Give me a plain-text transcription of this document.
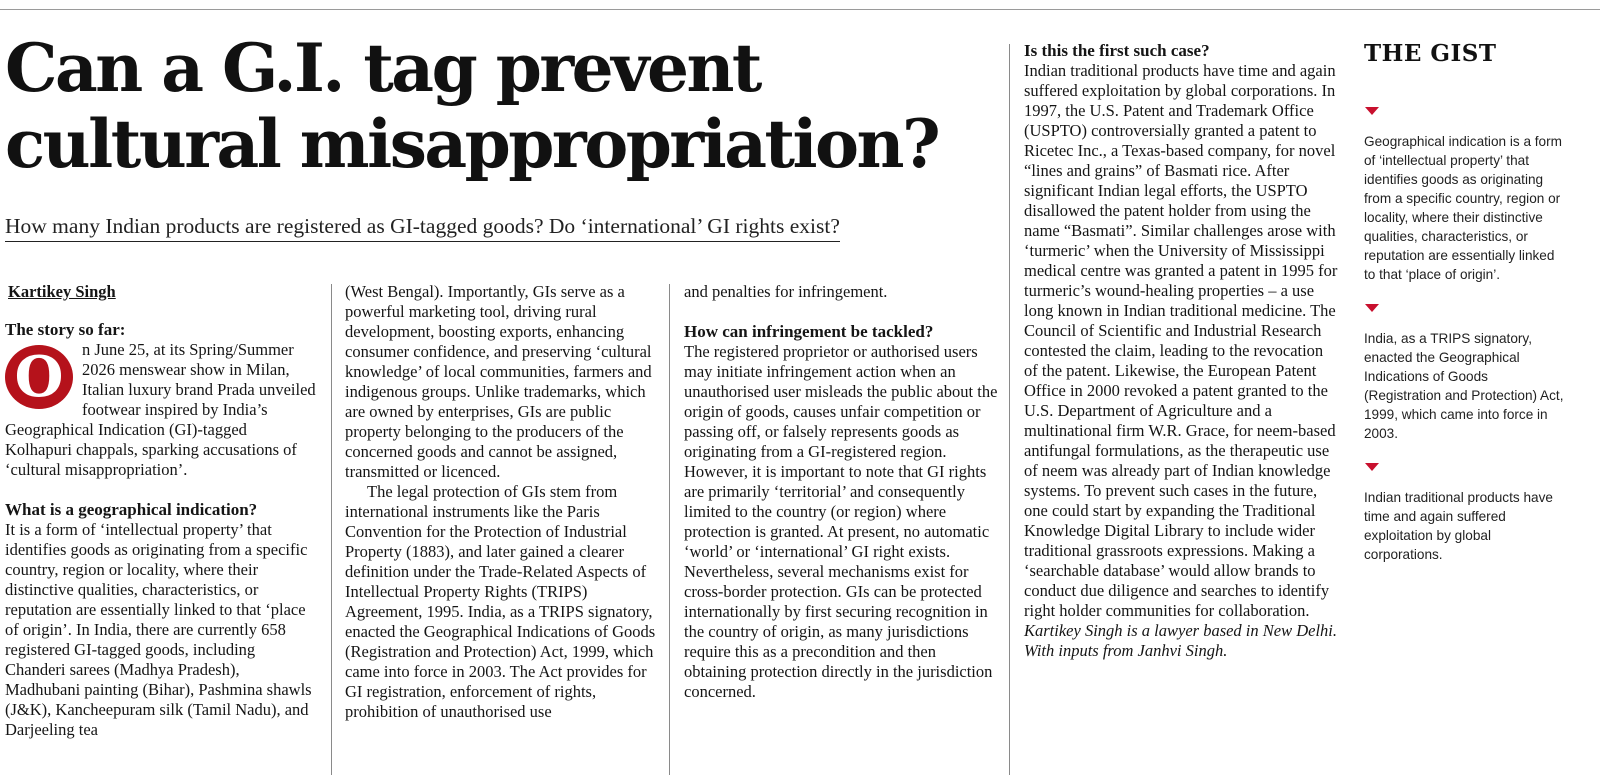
Can a G.I. tag prevent cultural misappropriation?

How many Indian products are registered as GI-tagged goods? Do ‘international’ GI rights exist?

Kartikey Singh

The story so far:

O	n June 25, at its Spring/Summer 2026 menswear show in Milan, Italian luxury brand Prada unveiled footwear inspired by India’s Geographical Indication (GI)-tagged Kolhapuri chappals, sparking accusations of ‘cultural misappropriation’.

What is a geographical indication?

It is a form of ‘intellectual property’ that identifies goods as originating from a specific country, region or locality, where their distinctive qualities, characteristics, or reputation are essentially linked to that ‘place of origin’. In India, there are currently 658 registered GI-tagged goods, including Chanderi sarees (Madhya Pradesh), Madhubani painting (Bihar), Pashmina shawls (J&K), Kancheepuram silk (Tamil Nadu), and Darjeeling tea

(West Bengal). Importantly, GIs serve as a powerful marketing tool, driving rural development, boosting exports, enhancing consumer confidence, and preserving ‘cultural knowledge’ of local communities, farmers and indigenous groups. Unlike trademarks, which are owned by enterprises, GIs are public property belonging to the producers of the concerned goods and cannot be assigned, transmitted or licenced.

The legal protection of GIs stem from international instruments like the Paris Convention for the Protection of Industrial Property (1883), and later gained a clearer definition under the Trade-Related Aspects of Intellectual Property Rights (TRIPS) Agreement, 1995. India, as a TRIPS signatory, enacted the Geographical Indications of Goods (Registration and Protection) Act, 1999, which came into force in 2003. The Act provides for GI registration, enforcement of rights, prohibition of unauthorised use

and penalties for infringement.

How can infringement be tackled?

The registered proprietor or authorised users may initiate infringement action when an unauthorised user misleads the public about the origin of goods, causes unfair competition or passing off, or falsely represents goods as originating from a GI-registered region. However, it is important to note that GI rights are primarily ‘territorial’ and consequently limited to the country (or region) where protection is granted. At present, no automatic ‘world’ or ‘international’ GI right exists. Nevertheless, several mechanisms exist for cross-border protection. GIs can be protected internationally by first securing recognition in the country of origin, as many jurisdictions require this as a precondition and then obtaining protection directly in the jurisdiction concerned.

Is this the first such case?

Indian traditional products have time and again suffered exploitation by global corporations. In 1997, the U.S. Patent and Trademark Office (USPTO) controversially granted a patent to Ricetec Inc., a Texas-based company, for novel “lines and grains” of Basmati rice. After significant Indian legal efforts, the USPTO disallowed the patent holder from using the name “Basmati”. Similar challenges arose with ‘turmeric’ when the University of Mississippi medical centre was granted a patent in 1995 for turmeric’s wound-healing properties – a use long known in Indian traditional medicine. The Council of Scientific and Industrial Research contested the claim, leading to the revocation of the patent. Likewise, the European Patent Office in 2000 revoked a patent granted to the U.S. Department of Agriculture and a multinational firm W.R. Grace, for neem-based antifungal formulations, as the therapeutic use of neem was already part of Indian knowledge systems. To prevent such cases in the future, one could start by expanding the Traditional Knowledge Digital Library to include wider traditional grassroots expressions. Making a ‘searchable database’ would allow brands to conduct due diligence and searches to identify right holder communities for collaboration.

Kartikey Singh is a lawyer based in New Delhi. With inputs from Janhvi Singh.

THE GIST
Geographical indication is a form of ‘intellectual property’ that identifies goods as originating from a specific country, region or locality, where their distinctive qualities, characteristics, or reputation are essentially linked to that ‘place of origin’.
India, as a TRIPS signatory, enacted the Geographical Indications of Goods (Registration and Protection) Act, 1999, which came into force in 2003.
Indian traditional products have time and again suffered exploitation by global corporations.
